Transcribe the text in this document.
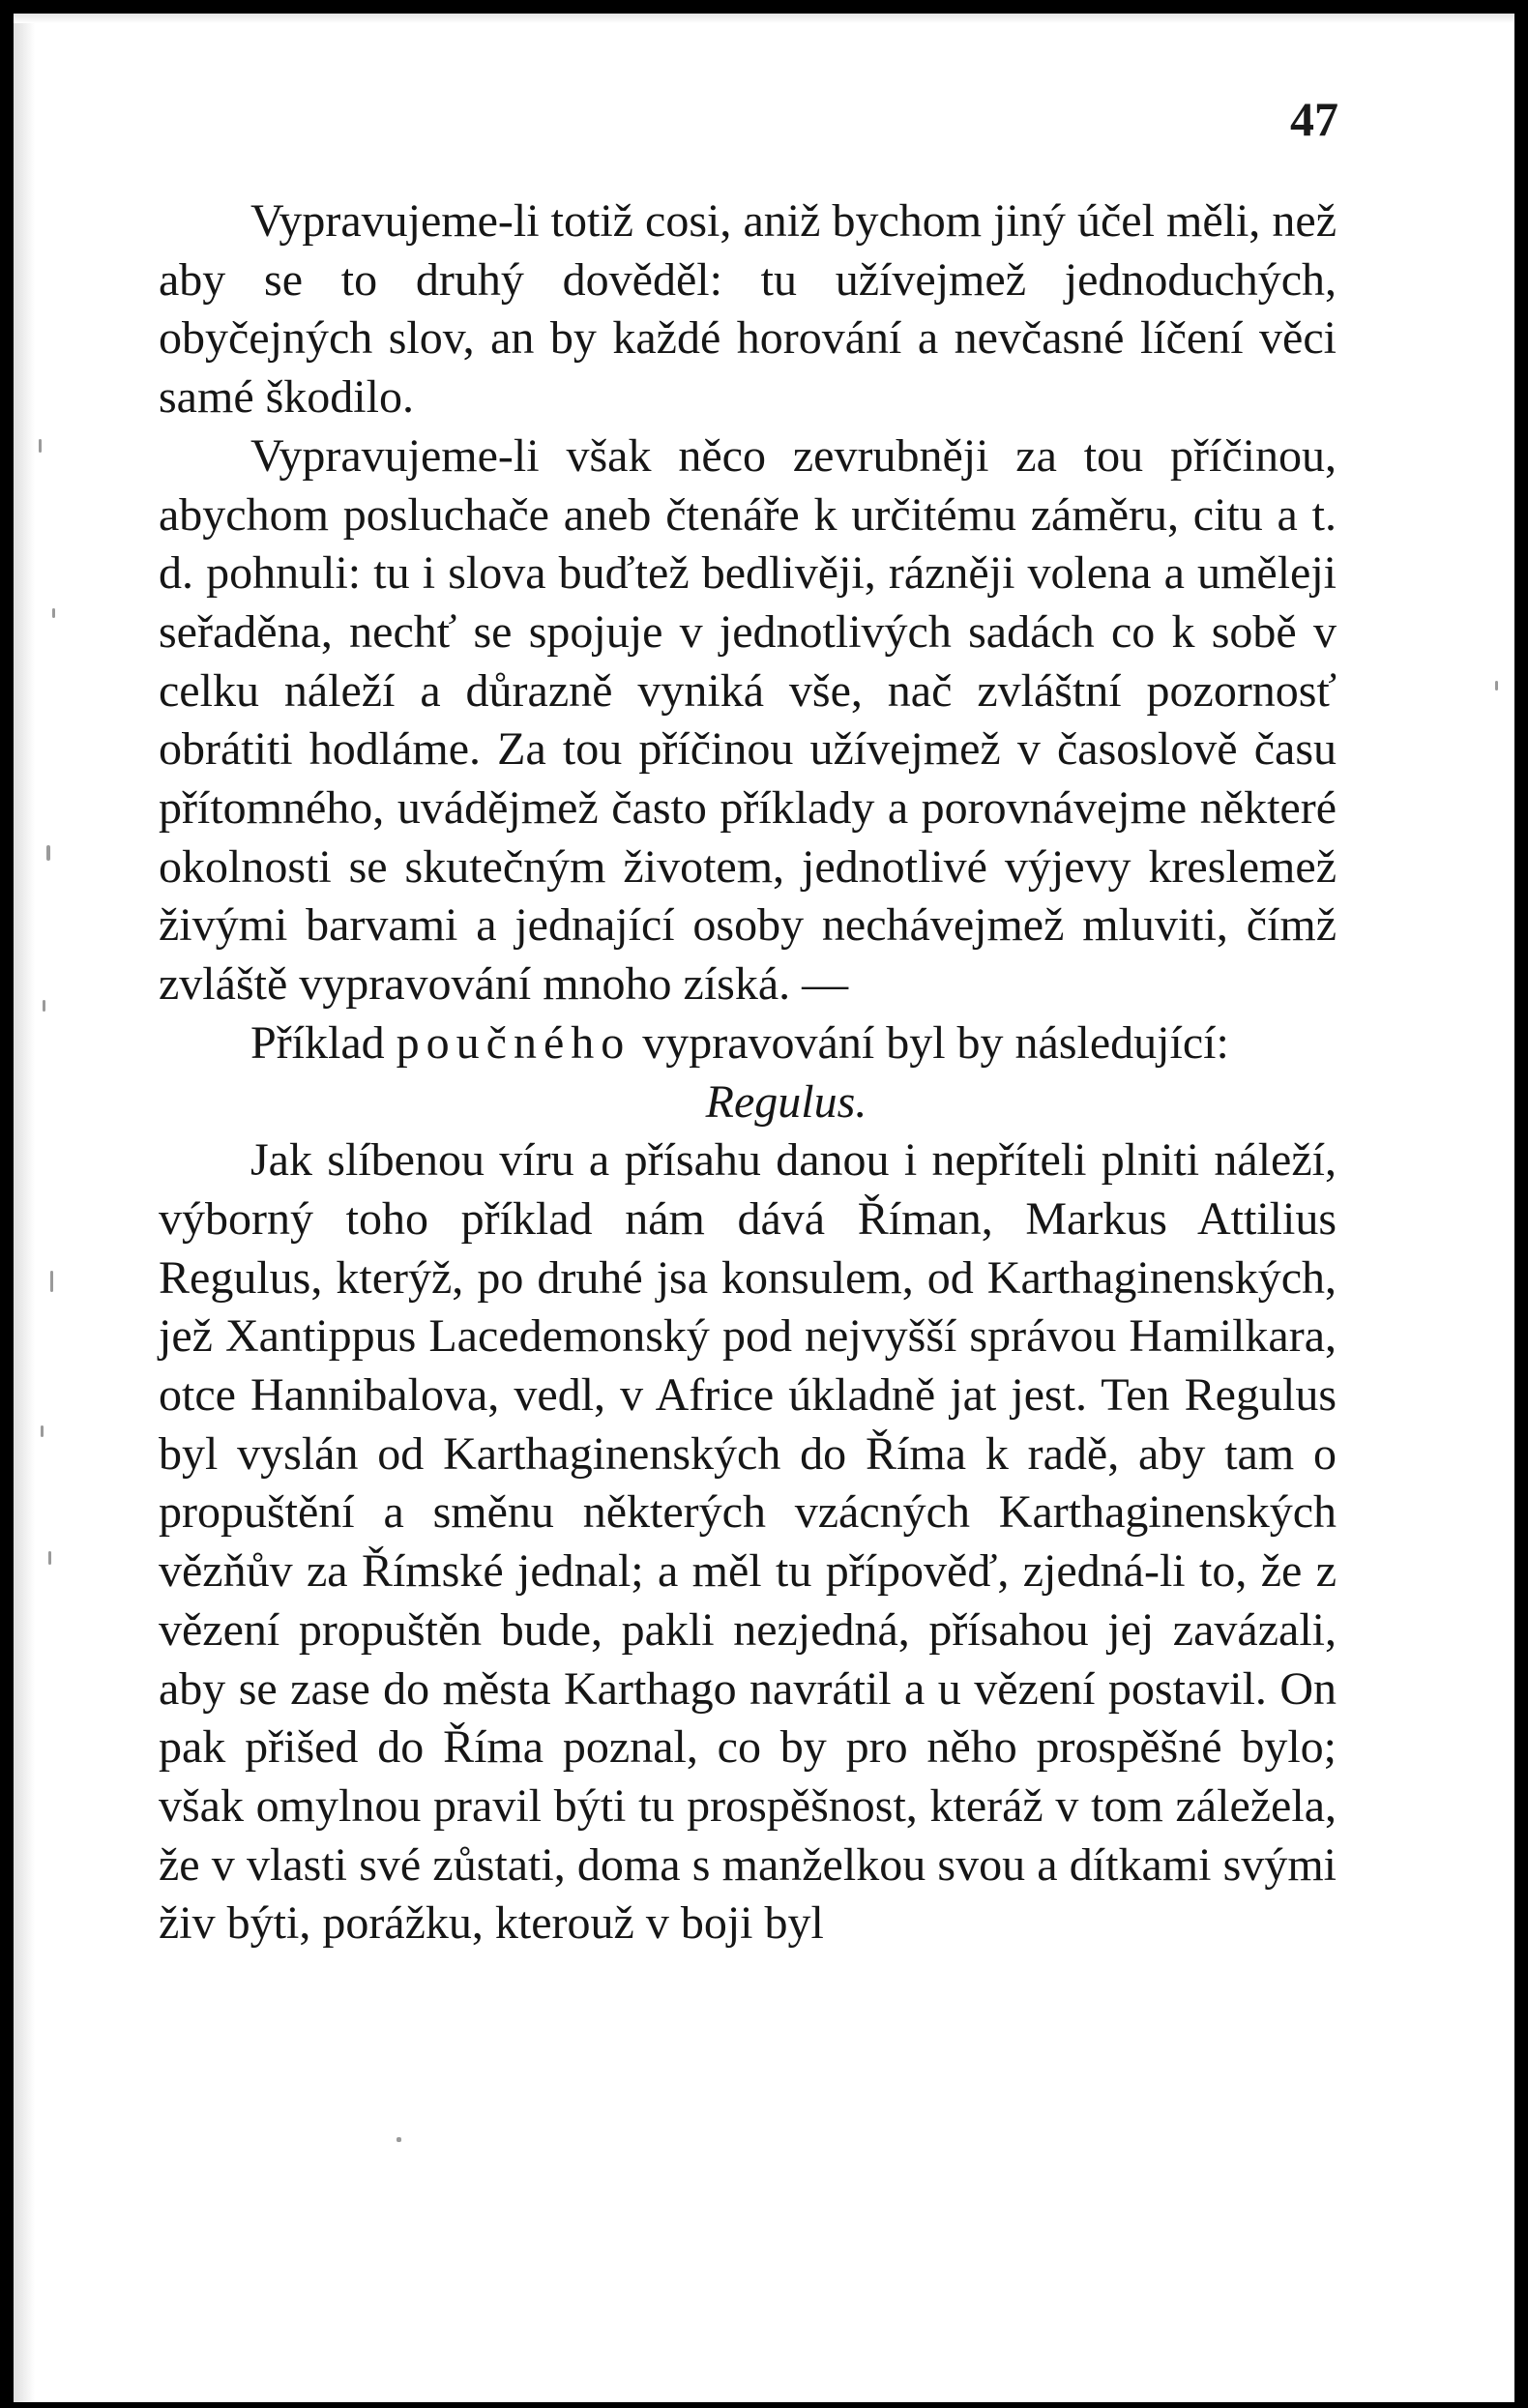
47

Vypravujeme-li totiž cosi, aniž bychom jiný účel měli, než aby se to druhý dověděl: tu užívejmež jednoduchých, obyčejných slov, an by každé horování a nevčasné líčení věci samé škodilo.

Vypravujeme-li však něco zevrubněji za tou příčinou, abychom posluchače aneb čtenáře k určitému záměru, citu a t. d. pohnuli: tu i slova buďtež bedlivěji, rázněji volena a uměleji seřaděna, nechť se spojuje v jednotlivých sadách co k sobě v celku náleží a důrazně vyniká vše, nač zvláštní pozornosť obrátiti hodláme. Za tou příčinou užívejmež v časoslově času přítomného, uvádějmež často příklady a porovnávejme některé okolnosti se skutečným životem, jednotlivé výjevy kreslemež živými barvami a jednající osoby nechávejmež mluviti, čímž zvláště vypravování mnoho získá. —

Příklad poučného vypravování byl by následující:

Regulus.

Jak slíbenou víru a přísahu danou i nepříteli plniti náleží, výborný toho příklad nám dává Říman, Markus Attilius Regulus, kterýž, po druhé jsa konsulem, od Karthaginenských, jež Xantippus Lacedemonský pod nejvyšší správou Hamilkara, otce Hannibalova, vedl, v Africe úkladně jat jest. Ten Regulus byl vyslán od Karthaginenských do Říma k radě, aby tam o propuštění a směnu některých vzácných Karthaginenských vězňův za Římské jednal; a měl tu přípověď, zjedná-li to, že z vězení propuštěn bude, pakli nezjedná, přísahou jej zavázali, aby se zase do města Karthago navrátil a u vězení postavil. On pak přišed do Říma poznal, co by pro něho prospěšné bylo; však omylnou pravil býti tu prospěšnost, kteráž v tom záležela, že v vlasti své zůstati, doma s manželkou svou a dítkami svými živ býti, porážku, kterouž v boji byl
